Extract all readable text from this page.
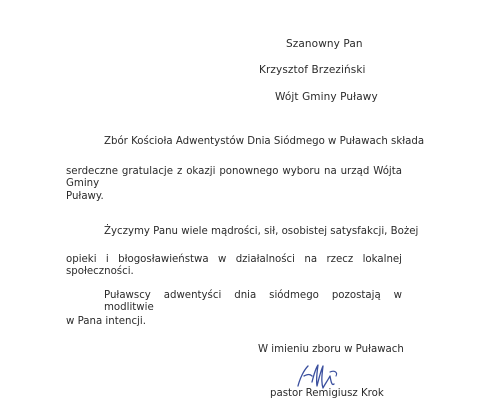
Szanowny Pan
Krzysztof Brzeziński
Wójt Gminy Puławy
Zbór Kościoła Adwentystów Dnia Siódmego w Puławach składa
serdeczne gratulacje z okazji ponownego wyboru na urząd Wójta Gminy
Puławy.
Życzymy Panu wiele mądrości, sił, osobistej satysfakcji, Bożej
opieki i błogosławieństwa w działalności na rzecz lokalnej społeczności.
Puławscy adwentyści dnia siódmego pozostają w modlitwie
w Pana intencji.
W imieniu zboru w Puławach
pastor Remigiusz Krok
